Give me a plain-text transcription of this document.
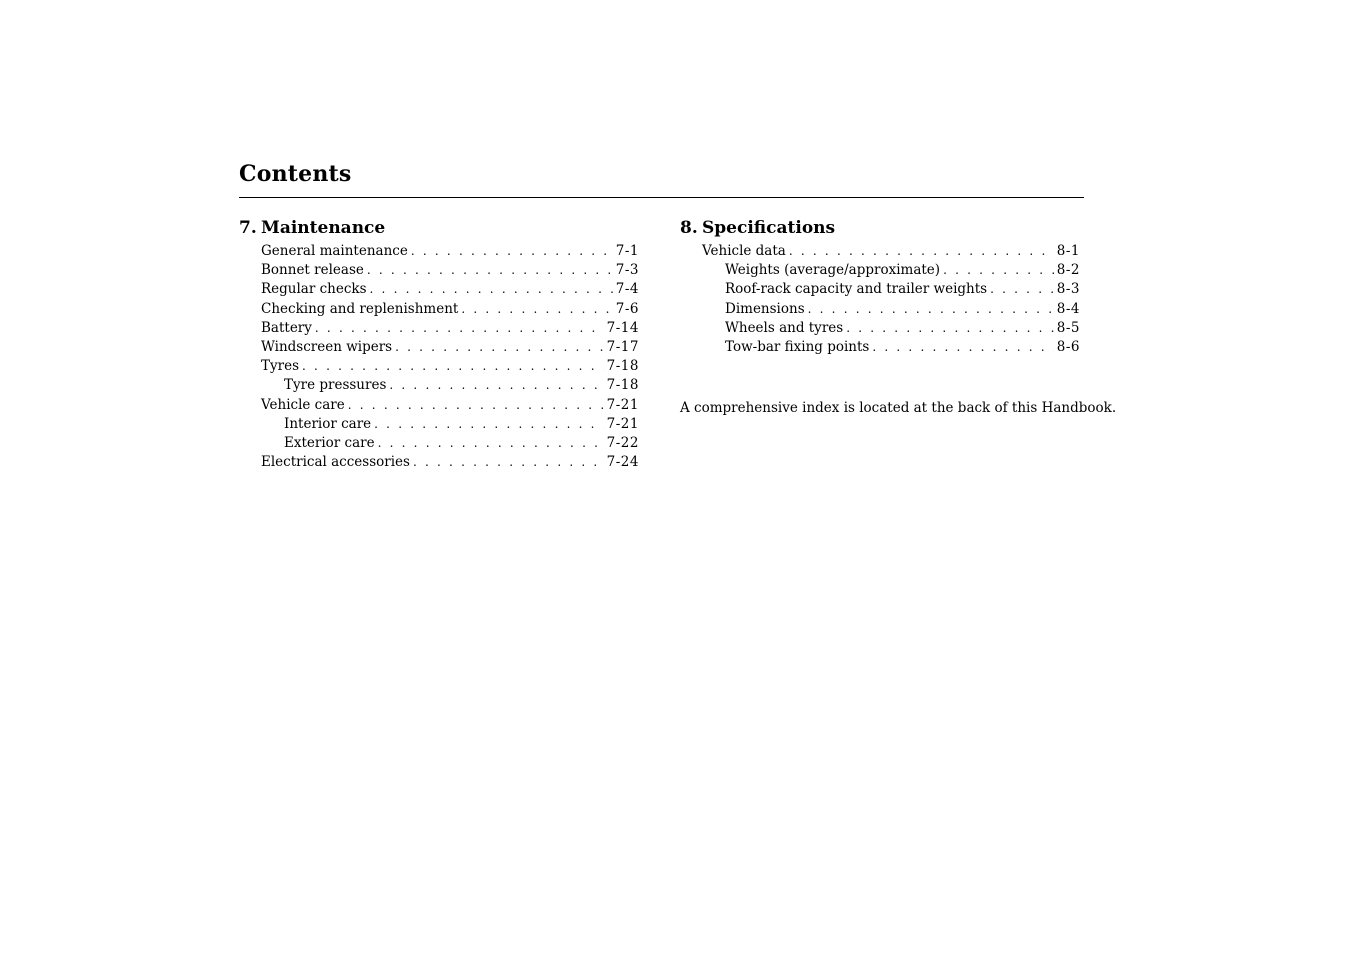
Contents
7. Maintenance
General maintenance . . .	7-1
Bonnet release . . .	7-3
Regular checks . . .	7-4
Checking and replenishment . . .	7-6
Battery . . .	7-14
Windscreen wipers . . .	7-17
Tyres . . .	7-18
Tyre pressures . . .	7-18
Vehicle care . . .	7-21
Interior care . . .	7-21
Exterior care . . .	7-22
Electrical accessories . . .	7-24
8. Specifications
Vehicle data . . .	8-1
Weights (average/approximate) . . .	8-2
Roof-rack capacity and trailer weights . . .	8-3
Dimensions . . .	8-4
Wheels and tyres . . .	8-5
Tow-bar fixing points . . .	8-6

A comprehensive index is located at the back of this Handbook.
